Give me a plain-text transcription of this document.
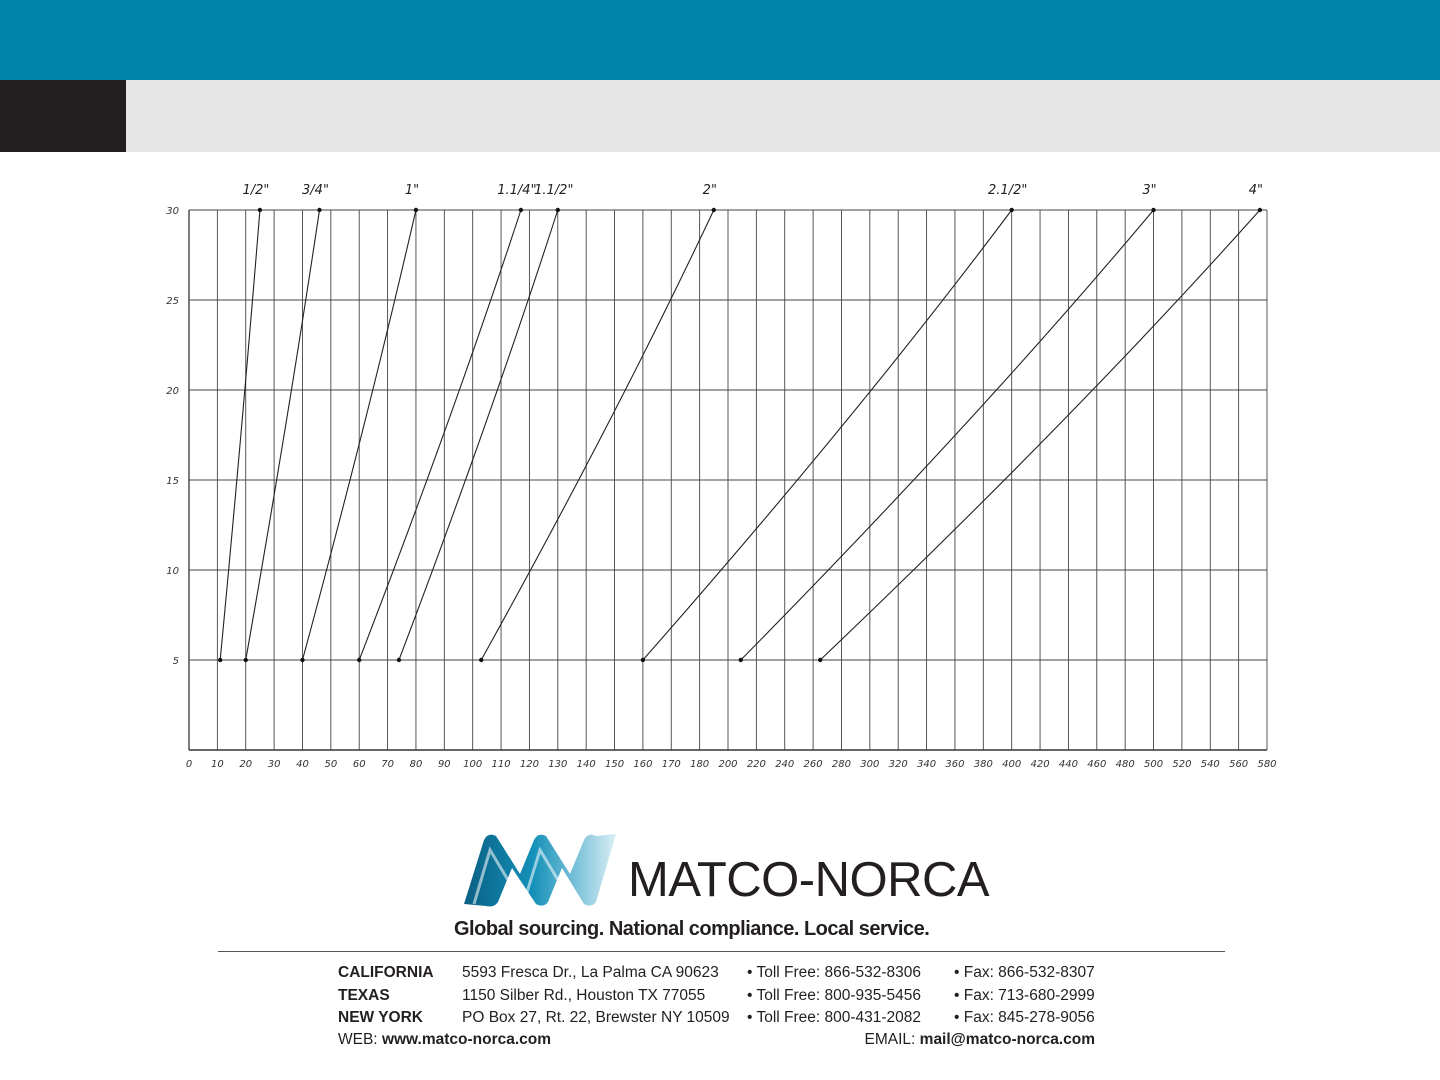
0 10 20 30 40 50 60 70 80 90 100 110 120 130 140 150 160 170 180 200 220 240 260 280 300 320 340 360 380 400 420 440 460 480 500 520 540 560 580
5
10
15
20
25
30
1/2"	3/4"	1"	1.1/4"
1.1/2"	2"	2.1/2"	3"	4"
MATCO-NORCA
Global sourcing. National compliance. Local service.
CALIFORNIA 5593 Fresca Dr., La Palma CA 90623 • Toll Free: 866-532-8306 • Fax: 866-532-8307
TEXAS	1150 Silber Rd., Houston TX 77055	• Toll Free: 800-935-5456 • Fax: 713-680-2999
NEW YORK	PO Box 27, Rt. 22, Brewster NY 10509 • Toll Free: 800-431-2082 • Fax: 845-278-9056
WEB: www.matco-norca.com	EMAIL: mail@matco-norca.com
